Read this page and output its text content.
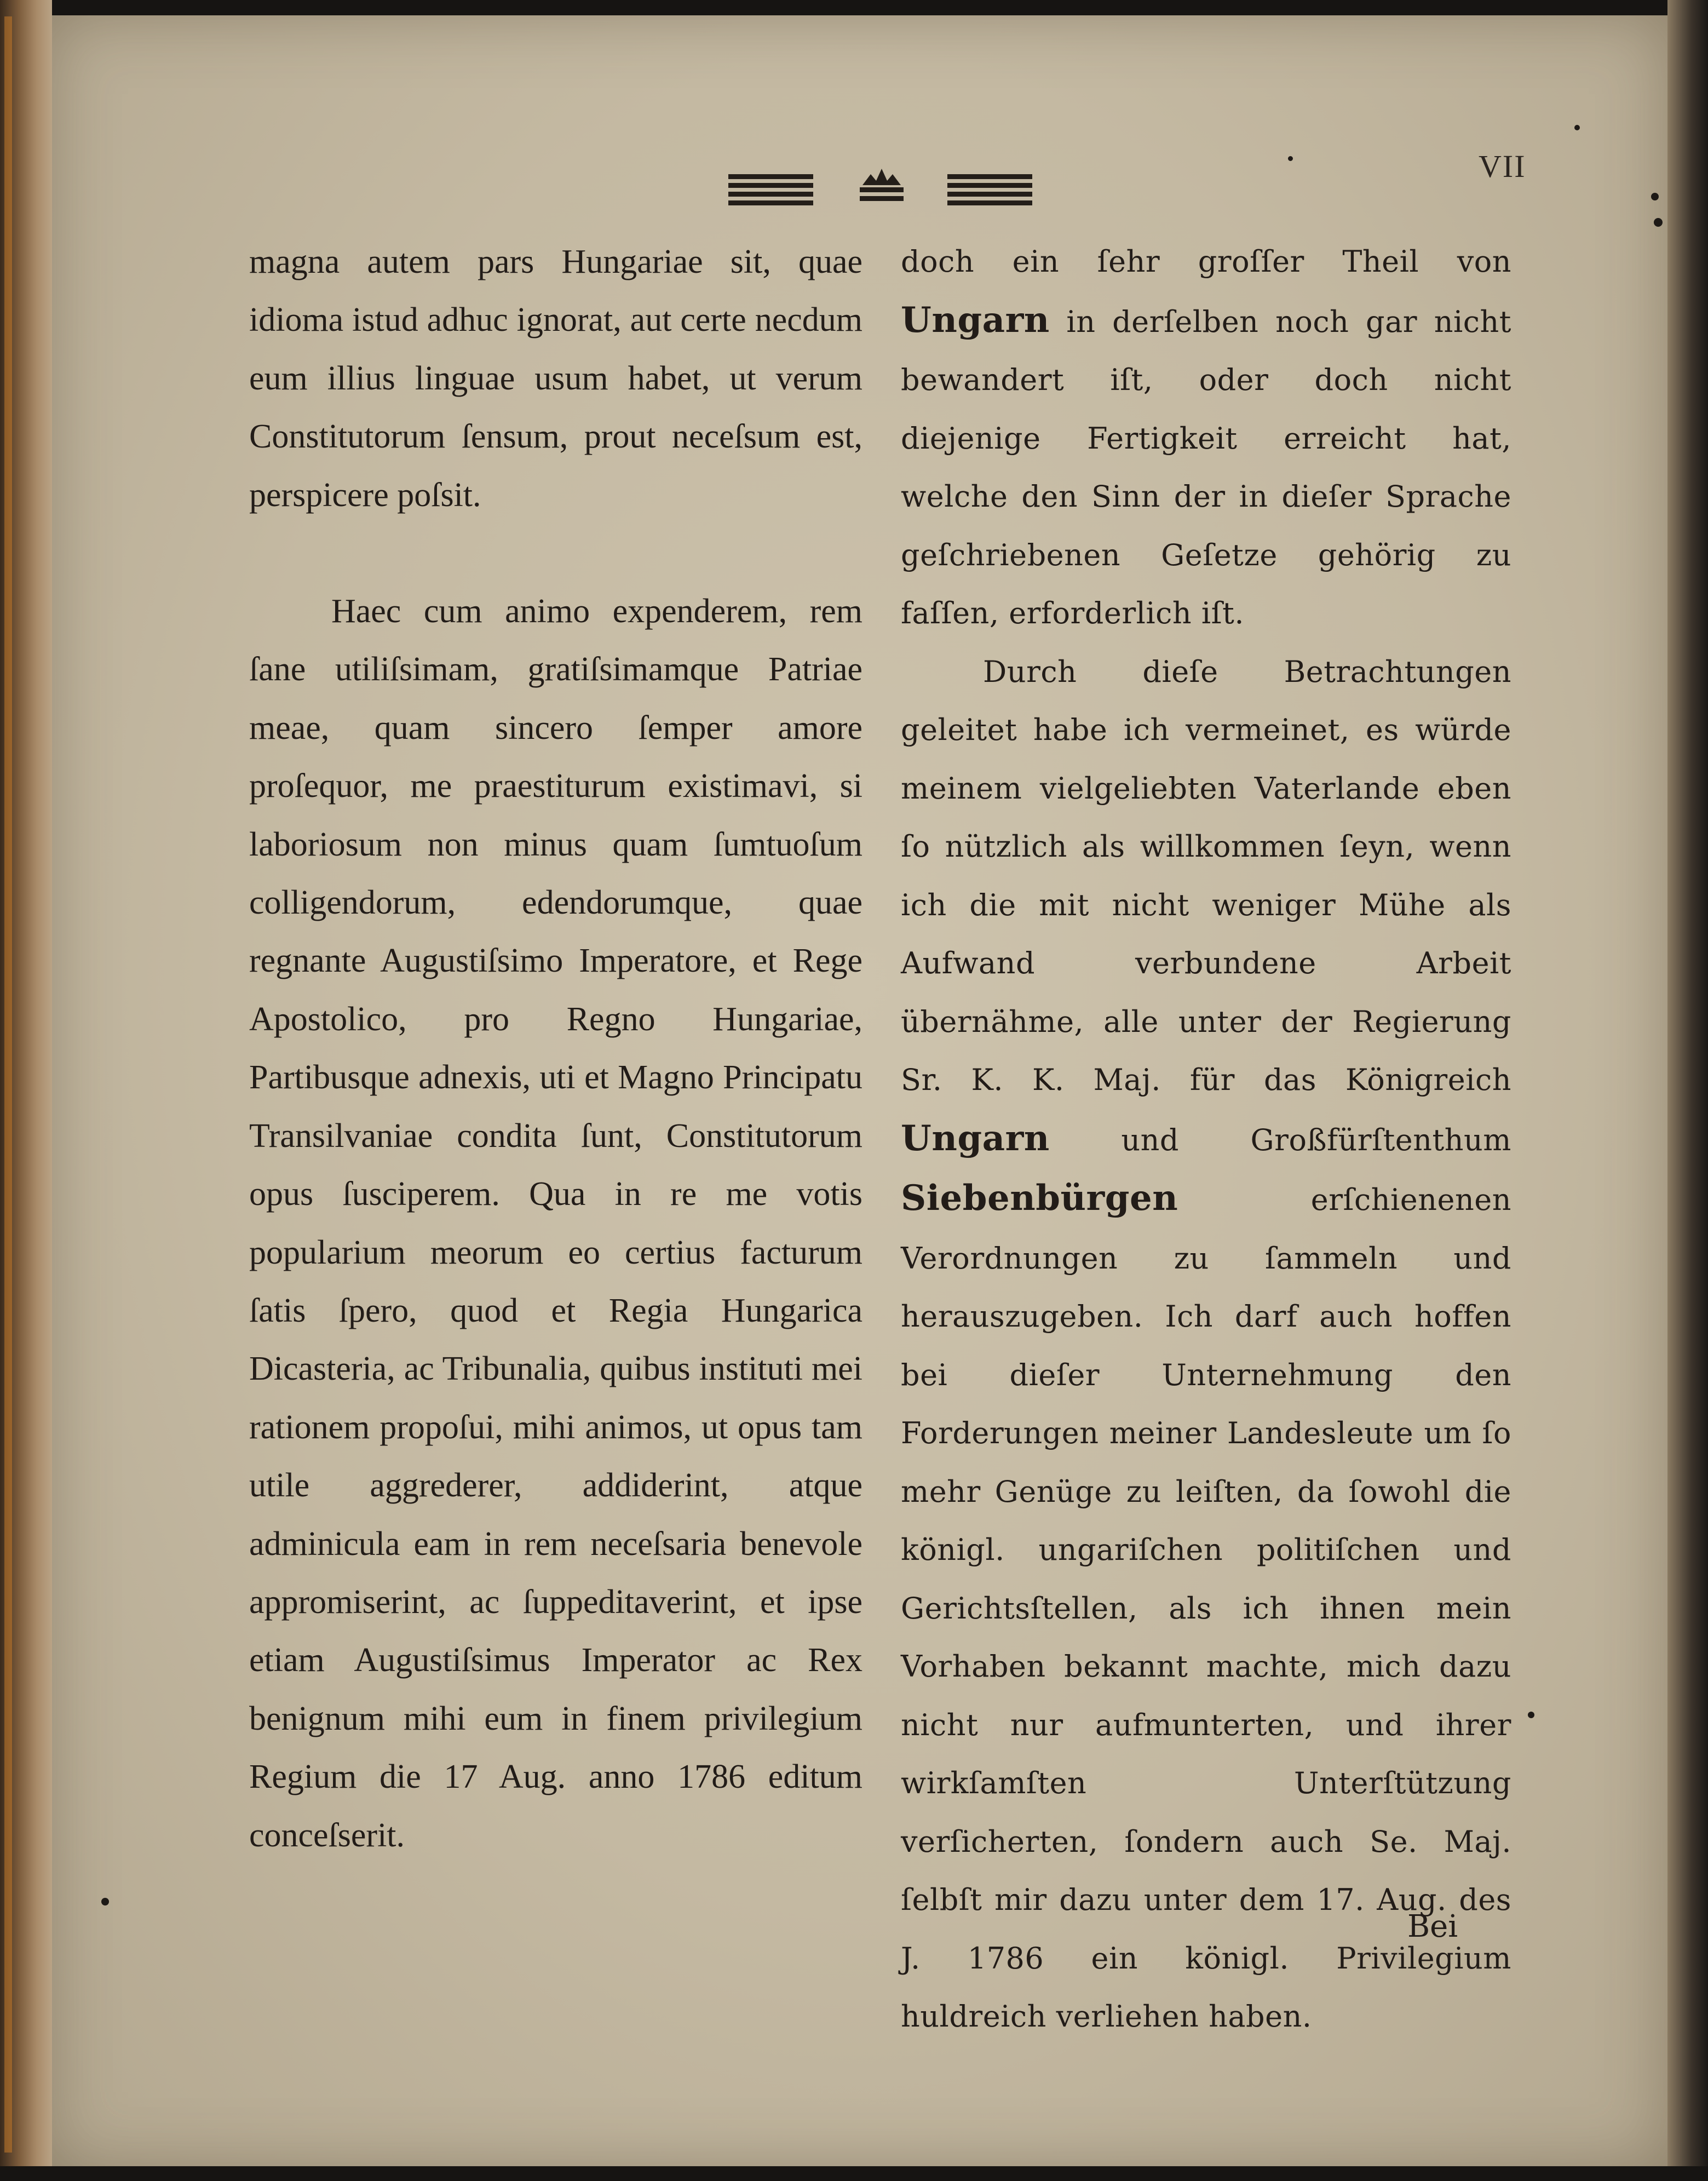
VII

magna autem pars Hungariae sit, quae idioma istud adhuc ignorat, aut certe necdum eum illius linguae usum habet, ut verum Constitutorum ſensum, prout neceſsum est, perspicere poſsit.

Haec cum animo expenderem, rem ſane utiliſsimam, gratiſsimamque Patriae meae, quam sincero ſemper amore proſequor, me praestiturum existimavi, si laboriosum non minus quam ſumtuoſum colligendorum, edendorumque, quae regnante Augustiſsimo Imperatore, et Rege Apostolico, pro Regno Hungariae, Partibusque adnexis, uti et Magno Principatu Transilvaniae condita ſunt, Constitutorum opus ſusciperem. Qua in re me votis popularium meorum eo certius facturum ſatis ſpero, quod et Regia Hungarica Dicasteria, ac Tribunalia, quibus instituti mei rationem propoſui, mihi animos, ut opus tam utile aggrederer, addiderint, atque adminicula eam in rem neceſsaria benevole appromiserint, ac ſuppeditaverint, et ipse etiam Augustiſsimus Imperator ac Rex benignum mihi eum in finem privilegium Regium die 17 Aug. anno 1786 editum conceſserit.

doch ein ſehr groſſer Theil von Ungarn in derſelben noch gar nicht bewandert iſt, oder doch nicht diejenige Fertigkeit erreicht hat, welche den Sinn der in dieſer Sprache geſchriebenen Geſetze gehörig zu faſſen, erforderlich iſt.

Durch dieſe Betrachtungen geleitet habe ich vermeinet, es würde meinem vielgeliebten Vaterlande eben ſo nützlich als willkommen ſeyn, wenn ich die mit nicht weniger Mühe als Aufwand verbundene Arbeit übernähme, alle unter der Regierung Sr. K. K. Maj. für das Königreich Ungarn und Großfürſtenthum Siebenbürgen erſchienenen Verordnungen zu ſammeln und herauszugeben. Ich darf auch hoffen bei dieſer Unternehmung den Forderungen meiner Landesleute um ſo mehr Genüge zu leiſten, da ſowohl die königl. ungariſchen politiſchen und Gerichtsſtellen, als ich ihnen mein Vorhaben bekannt machte, mich dazu nicht nur aufmunterten, und ihrer wirkſamſten Unterſtützung verſicherten, ſondern auch Se. Maj. ſelbſt mir dazu unter dem 17. Aug. des J. 1786 ein königl. Privilegium huldreich verliehen haben.

Bei
